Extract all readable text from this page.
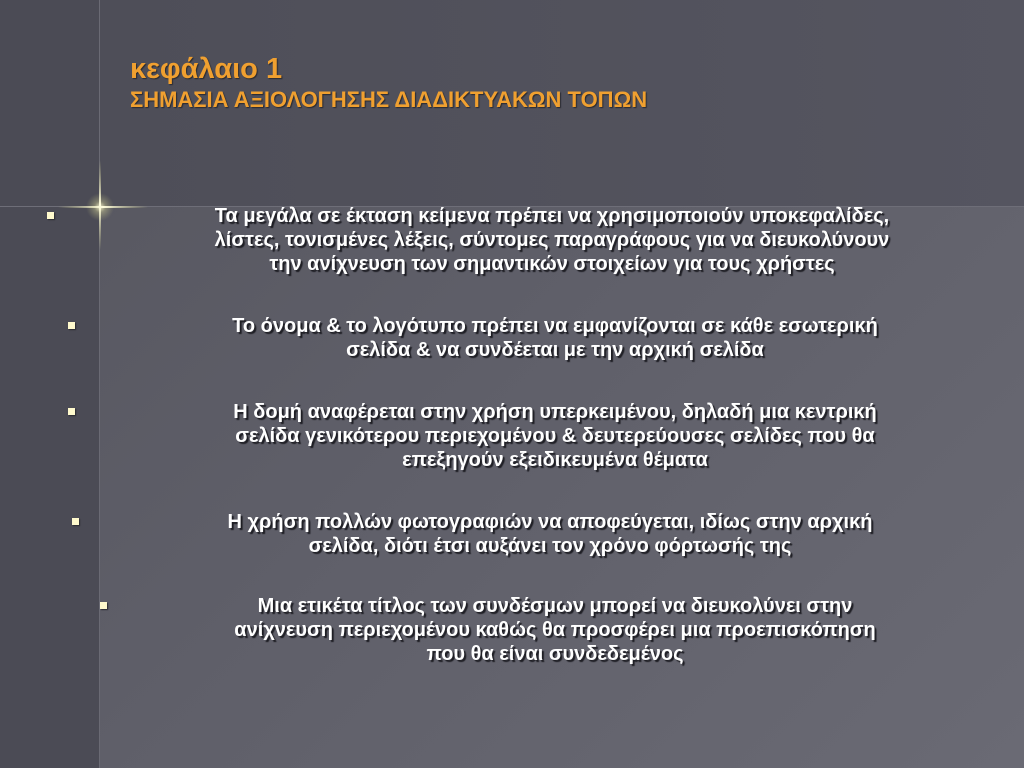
κεφάλαιο 1
ΣΗΜΑΣΙΑ ΑΞΙΟΛΟΓΗΣΗΣ ΔΙΑΔΙΚΤΥΑΚΩΝ ΤΟΠΩΝ
Τα μεγάλα σε έκταση κείμενα πρέπει να χρησιμοποιούν υποκεφαλίδες,
λίστες, τονισμένες λέξεις, σύντομες παραγράφους για να διευκολύνουν
την ανίχνευση των σημαντικών στοιχείων για τους χρήστες
Το όνομα & το λογότυπο πρέπει να εμφανίζονται σε κάθε εσωτερική
σελίδα & να συνδέεται με την αρχική σελίδα
Η δομή αναφέρεται στην χρήση υπερκειμένου, δηλαδή μια κεντρική
σελίδα γενικότερου περιεχομένου & δευτερεύουσες σελίδες που θα
επεξηγούν εξειδικευμένα θέματα
Η χρήση πολλών φωτογραφιών να αποφεύγεται, ιδίως στην αρχική
σελίδα, διότι έτσι αυξάνει τον χρόνο φόρτωσής της
Μια ετικέτα τίτλος των συνδέσμων μπορεί να διευκολύνει στην
ανίχνευση περιεχομένου καθώς θα προσφέρει μια προεπισκόπηση
που θα είναι συνδεδεμένος
